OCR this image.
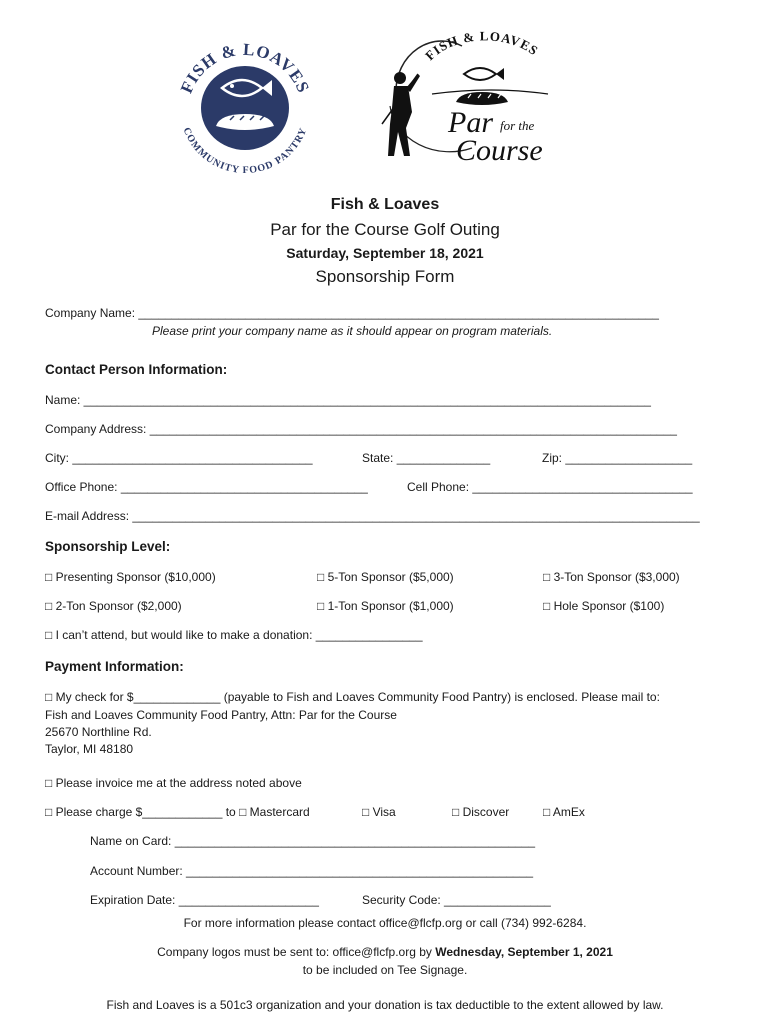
FISH & LOAVES
COMMUNITY FOOD PANTRY
FISH & LOAVES
Par for the
Course
Fish & Loaves
Par for the Course Golf Outing
Saturday, September 18, 2021
Sponsorship Form
Company Name: ______________________________________________________________________________
Please print your company name as it should appear on program materials.
Contact Person Information:
Name: _____________________________________________________________________________________
Company Address: _______________________________________________________________________________
City: ____________________________________	State: ______________	Zip: ___________________
Office Phone: _____________________________________	Cell Phone: _________________________________
E-mail Address: _____________________________________________________________________________________
Sponsorship Level:
□ Presenting Sponsor ($10,000)	□ 5-Ton Sponsor ($5,000)	□ 3-Ton Sponsor ($3,000)
□ 2-Ton Sponsor ($2,000)	□ 1-Ton Sponsor ($1,000)	□ Hole Sponsor ($100)
□ I can’t attend, but would like to make a donation: ________________
Payment Information:
□ My check for $_____________ (payable to Fish and Loaves Community Food Pantry) is enclosed. Please mail to:
Fish and Loaves Community Food Pantry, Attn: Par for the Course
25670 Northline Rd.
Taylor, MI 48180
□ Please invoice me at the address noted above
□ Please charge $____________ to □ Mastercard	□ Visa	□ Discover	□ AmEx
Name on Card: ______________________________________________________
Account Number: ____________________________________________________
Expiration Date: _____________________	Security Code: ________________
For more information please contact office@flcfp.org or call (734) 992-6284.
Company logos must be sent to: office@flcfp.org by Wednesday, September 1, 2021
to be included on Tee Signage.
Fish and Loaves is a 501c3 organization and your donation is tax deductible to the extent allowed by law.
